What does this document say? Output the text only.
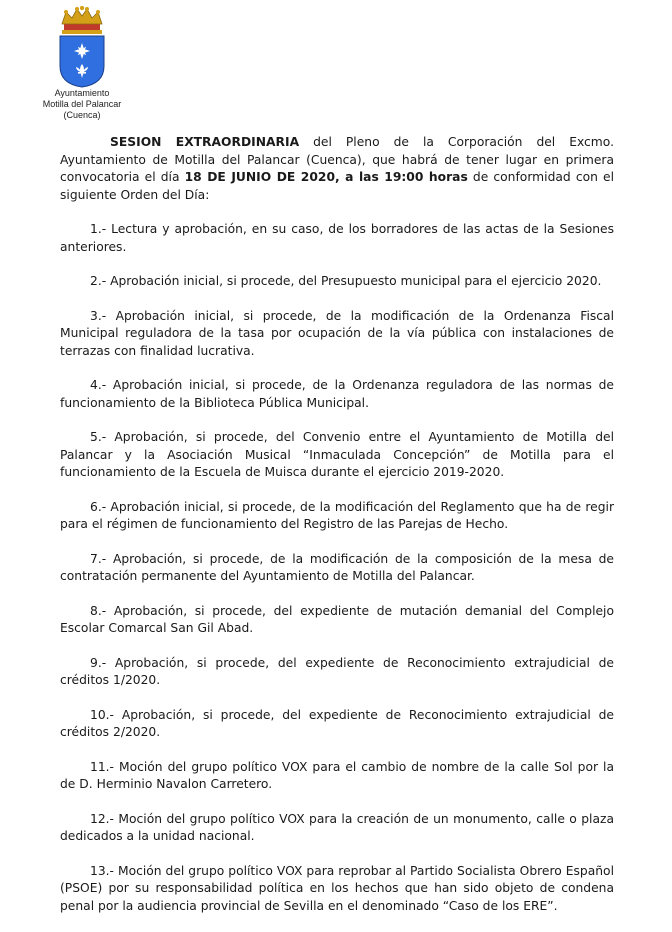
Ayuntamiento
Motilla del Palancar
(Cuenca)

SESION EXTRAORDINARIA del Pleno de la Corporación del Excmo. Ayuntamiento de Motilla del Palancar (Cuenca), que habrá de tener lugar en primera convocatoria el día 18 DE JUNIO DE 2020, a las 19:00 horas de conformidad con el siguiente Orden del Día:

1.- Lectura y aprobación, en su caso, de los borradores de las actas de la Sesiones anteriores.

2.- Aprobación inicial, si procede, del Presupuesto municipal para el ejercicio 2020.

3.- Aprobación inicial, si procede, de la modificación de la Ordenanza Fiscal Municipal reguladora de la tasa por ocupación de la vía pública con instalaciones de terrazas con finalidad lucrativa.

4.- Aprobación inicial, si procede, de la Ordenanza reguladora de las normas de funcionamiento de la Biblioteca Pública Municipal.

5.- Aprobación, si procede, del Convenio entre el Ayuntamiento de Motilla del Palancar y la Asociación Musical “Inmaculada Concepción” de Motilla para el funcionamiento de la Escuela de Muisca durante el ejercicio 2019-2020.

6.- Aprobación inicial, si procede, de la modificación del Reglamento que ha de regir para el régimen de funcionamiento del Registro de las Parejas de Hecho.

7.- Aprobación, si procede, de la modificación de la composición de la mesa de contratación permanente del Ayuntamiento de Motilla del Palancar.

8.- Aprobación, si procede, del expediente de mutación demanial del Complejo Escolar Comarcal San Gil Abad.

9.- Aprobación, si procede, del expediente de Reconocimiento extrajudicial de créditos 1/2020.

10.- Aprobación, si procede, del expediente de Reconocimiento extrajudicial de créditos 2/2020.

11.- Moción del grupo político VOX para el cambio de nombre de la calle Sol por la de D. Herminio Navalon Carretero.

12.- Moción del grupo político VOX para la creación de un monumento, calle o plaza dedicados a la unidad nacional.

13.- Moción del grupo político VOX para reprobar al Partido Socialista Obrero Español (PSOE) por su responsabilidad política en los hechos que han sido objeto de condena penal por la audiencia provincial de Sevilla en el denominado “Caso de los ERE”.
